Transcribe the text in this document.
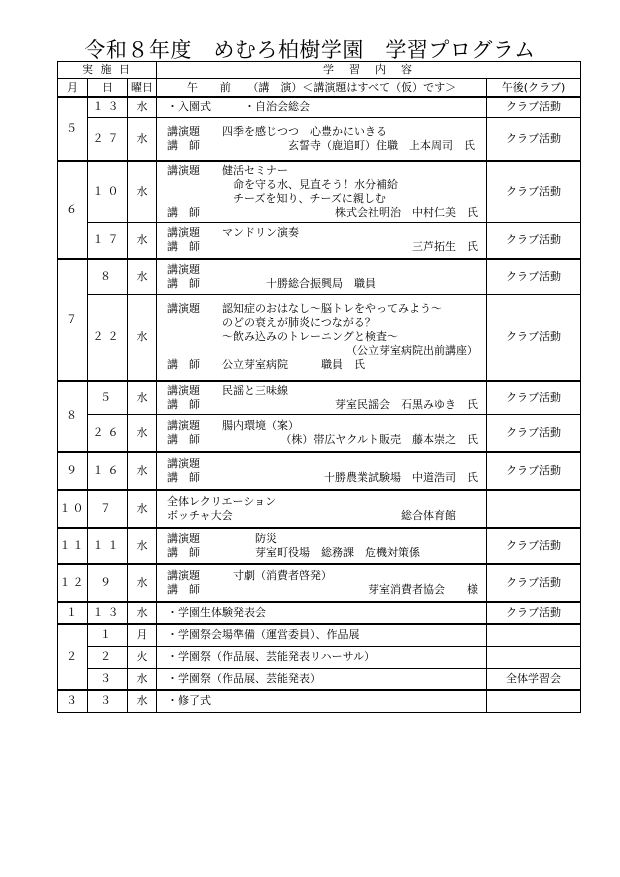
令和８年度　めむろ柏樹学園　学習プログラム
実 施 日			学　習　内　容	
月	日	曜日	午　　前　　（講　演）＜講演題はすべて（仮）です＞	午後(クラブ)
５	１３	水	・入園式　　　・自治会総会	クラブ活動
	２７	水	講演題　　四季を感じつつ　心豊かにいきる
講　師　　　　　　　　玄誓寺（鹿追町）住職　上本周司　氏	クラブ活動
６	１０	水	講演題　　健活セミナー
　　　　　　命を守る水、見直そう！水分補給
　　　　　　チーズを知り、チーズに親しむ
講　師 株式会社明治　中村仁美　氏	クラブ活動
	１７	水	講演題　　マンドリン演奏
講　師 三芦拓生　氏	クラブ活動
７	８	水	講演題
講　師　　　　　　十勝総合振興局　職員	クラブ活動
	２２	水	講演題　　認知症のおはなし～脳トレをやってみよう～
　　　　　のどの衰えが肺炎につながる？
　　　　　～飲み込みのトレーニングと検査～
（公立芽室病院出前講座）
講　師　　公立芽室病院　　　職員　氏	クラブ活動
８	５	水	講演題　　民謡と三味線
講　師 芽室民謡会　石黒みゆき　氏	クラブ活動
	２６	水	講演題　　腸内環境（案）
講　師 （株）帯広ヤクルト販売　藤本崇之　氏	クラブ活動
９	１６	水	講演題
講　師 十勝農業試験場　中道浩司　氏	クラブ活動
１０	７	水	全体レクリエーション
ボッチャ大会 総合体育館　　	

１１	１１	水	講演題　　　　　防災
講　師　　　　　芽室町役場　総務課　危機対策係	クラブ活動
１２	９	水	講演題　　　寸劇（消費者啓発）
講　師 芽室消費者協会　　様	クラブ活動
１	１３	水	・学園生体験発表会	クラブ活動
２	１	月	・学園祭会場準備（運営委員）、作品展	

	２	火	・学園祭（作品展、芸能発表リハーサル）	

	３	水	・学園祭（作品展、芸能発表）	全体学習会
３	３	水	・修了式	
